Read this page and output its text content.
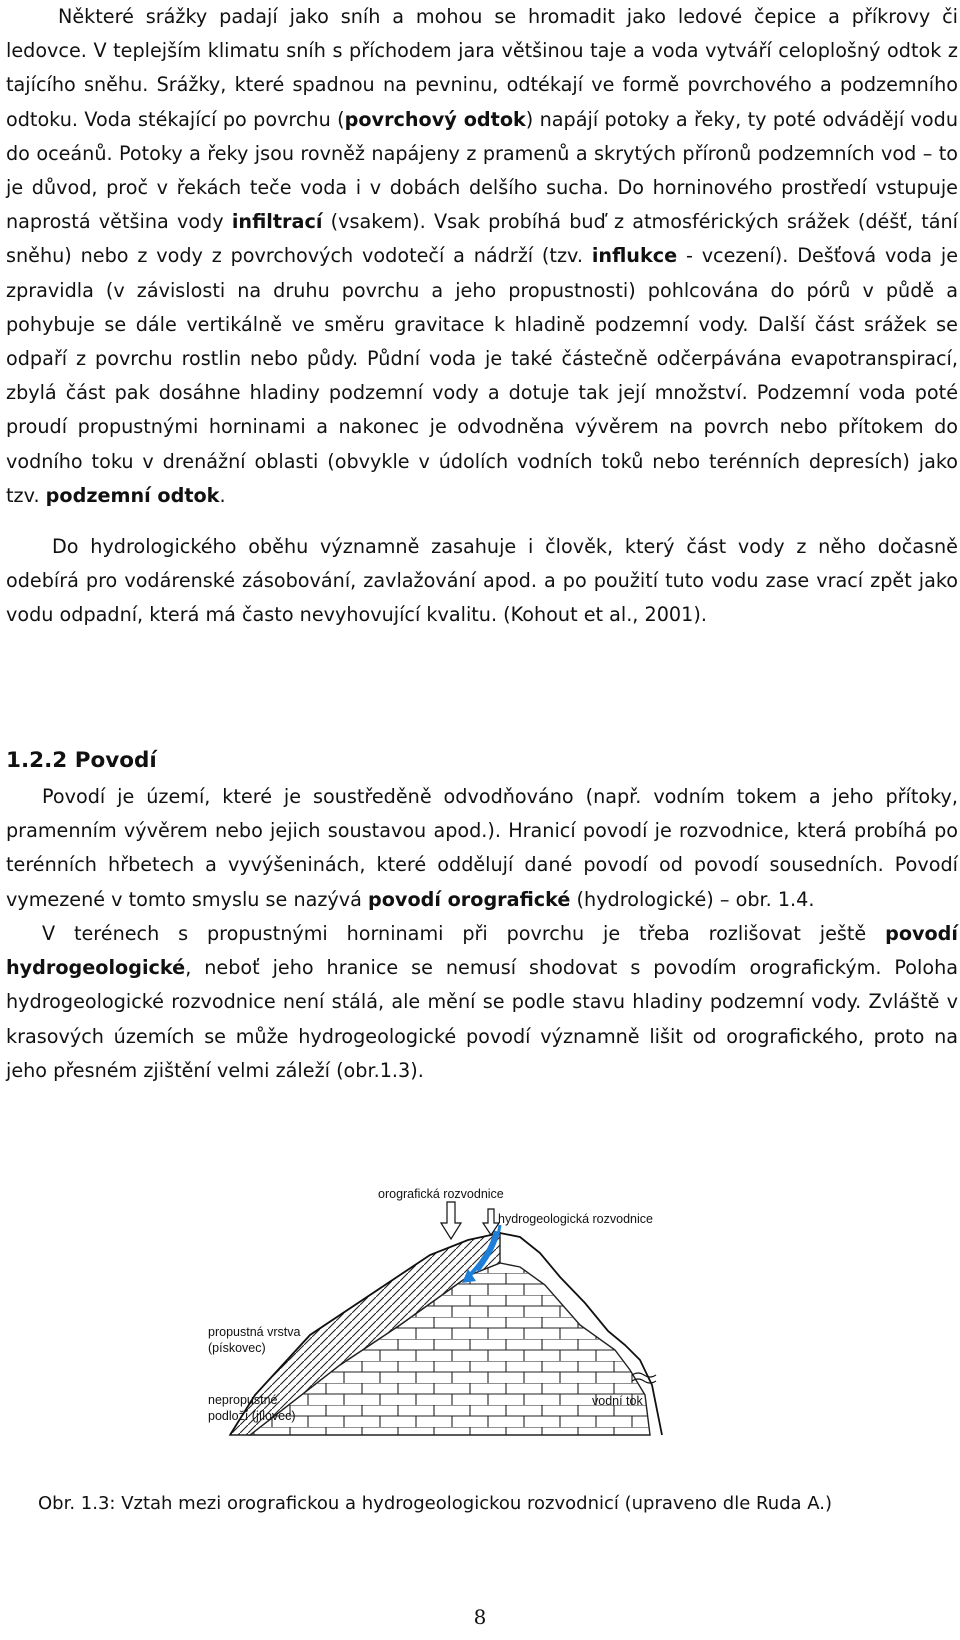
Některé srážky padají jako sníh a mohou se hromadit jako ledové čepice a příkrovy či ledovce. V teplejším klimatu sníh s příchodem jara většinou taje a voda vytváří celoplošný odtok z tajícího sněhu. Srážky, které spadnou na pevninu, odtékají ve formě povrchového a podzemního odtoku. Voda stékající po povrchu (povrchový odtok) napájí potoky a řeky, ty poté odvádějí vodu do oceánů. Potoky a řeky jsou rovněž napájeny z pramenů a skrytých příronů podzemních vod – to je důvod, proč v řekách teče voda i v dobách delšího sucha. Do horninového prostředí vstupuje naprostá většina vody infiltrací (vsakem). Vsak probíhá buď z atmosférických srážek (déšť, tání sněhu) nebo z vody z povrchových vodotečí a nádrží (tzv. influkce - vcezení). Dešťová voda je zpravidla (v závislosti na druhu povrchu a jeho propustnosti) pohlcována do pórů v půdě a pohybuje se dále vertikálně ve směru gravitace k hladině podzemní vody. Další část srážek se odpaří z povrchu rostlin nebo půdy. Půdní voda je také částečně odčerpávána evapotranspirací, zbylá část pak dosáhne hladiny podzemní vody a dotuje tak její množství. Podzemní voda poté proudí propustnými horninami a nakonec je odvodněna vývěrem na povrch nebo přítokem do vodního toku v drenážní oblasti (obvykle v údolích vodních toků nebo terénních depresích) jako tzv. podzemní odtok.

Do hydrologického oběhu významně zasahuje i člověk, který část vody z něho dočasně odebírá pro vodárenské zásobování, zavlažování apod. a po použití tuto vodu zase vrací zpět jako vodu odpadní, která má často nevyhovující kvalitu. (Kohout et al., 2001).

1.2.2 Povodí

Povodí je území, které je soustředěně odvodňováno (např. vodním tokem a jeho přítoky, pramenním vývěrem nebo jejich soustavou apod.). Hranicí povodí je rozvodnice, která probíhá po terénních hřbetech a vyvýšeninách, které oddělují dané povodí od povodí sousedních. Povodí vymezené v tomto smyslu se nazývá povodí orografické (hydrologické) – obr. 1.4.

V terénech s propustnými horninami při povrchu je třeba rozlišovat ještě povodí hydrogeologické, neboť jeho hranice se nemusí shodovat s povodím orografickým. Poloha hydrogeologické rozvodnice není stálá, ale mění se podle stavu hladiny podzemní vody. Zvláště v krasových územích se může hydrogeologické povodí významně lišit od orografického, proto na jeho přesném zjištění velmi záleží (obr.1.3).

orografická rozvodnice
hydrogeologická rozvodnice
propustná vrstva
(pískovec)
nepropustné
podloží (jílovec)
vodní tok

Obr. 1.3: Vztah mezi orografickou a hydrogeologickou rozvodnicí (upraveno dle Ruda A.)

8
